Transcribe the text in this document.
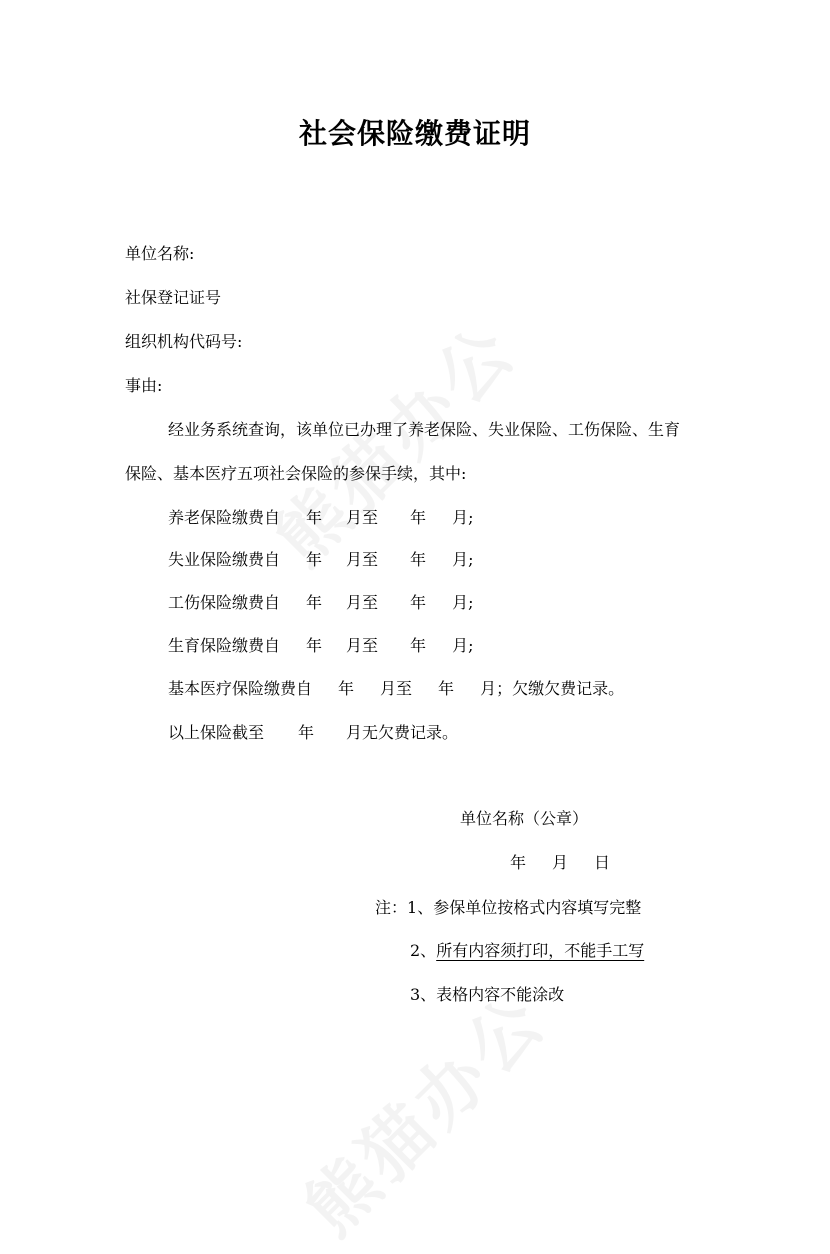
社会保险缴费证明
单位名称:
社保登记证号
组织机构代码号:
事由:
经业务系统查询，该单位已办理了养老保险、失业保险、工伤保险、生育
保险、基本医疗五项社会保险的参保手续，其中:
养老保险缴费自 年 月至 年 月;
失业保险缴费自 年 月至 年 月;
工伤保险缴费自 年 月至 年 月;
生育保险缴费自 年 月至 年 月;
基本医疗保险缴费自 年 月至 年 月；欠缴欠费记录。
以上保险截至 年 月无欠费记录。
单位名称（公章）
年 月 日
注：1、参保单位按格式内容填写完整
2、所有内容须打印，不能手工写
3、表格内容不能涂改
